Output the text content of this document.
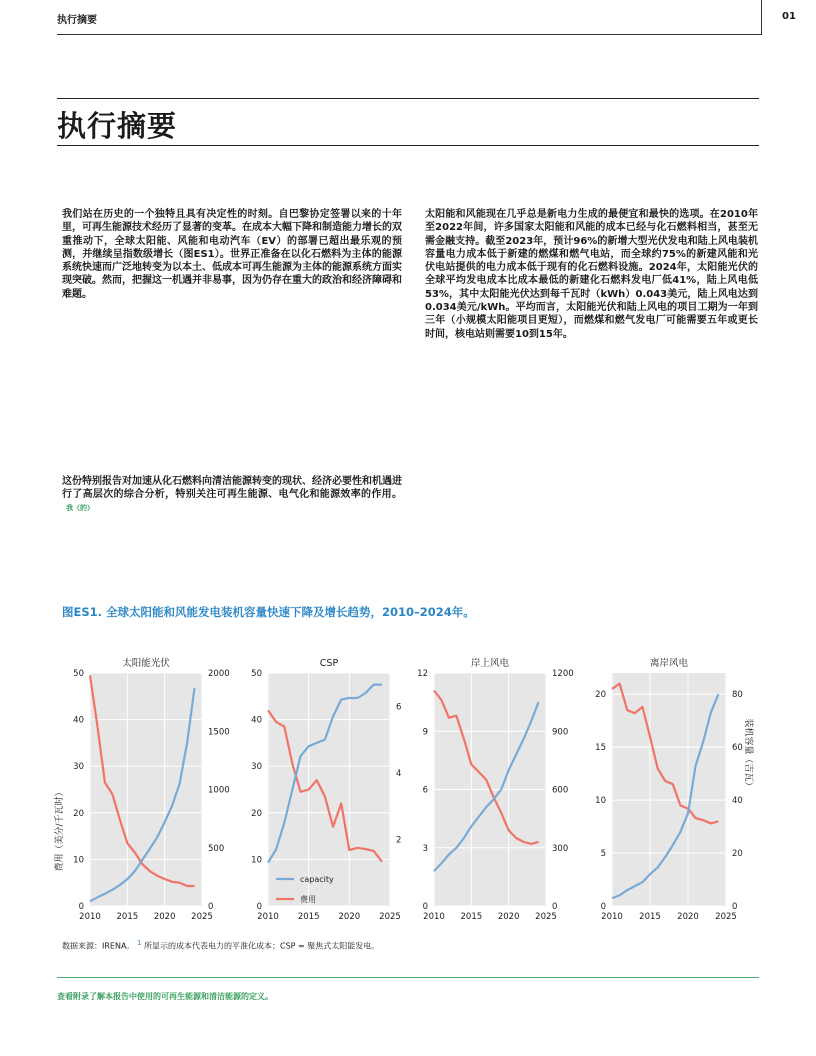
执行摘要	01
执行摘要
我们站在历史的一个独特且具有决定性的时刻。自巴黎协定签署以来的十年里，可再生能源技术经历了显著的变革。在成本大幅下降和制造能力增长的双重推动下，全球太阳能、风能和电动汽车（EV）的部署已超出最乐观的预测，并继续呈指数级增长（图ES1）。世界正准备在以化石燃料为主体的能源系统快速而广泛地转变为以本土、低成本可再生能源为主体的能源系统方面实现突破。然而，把握这一机遇并非易事，因为仍存在重大的政治和经济障碍和难题。
这份特别报告对加速从化石燃料向清洁能源转变的现状、经济必要性和机遇进行了高层次的综合分析，特别关注可再生能源、电气化和能源效率的作用。我（的）
太阳能和风能现在几乎总是新电力生成的最便宜和最快的选项。在2010年至2022年间，许多国家太阳能和风能的成本已经与化石燃料相当，甚至无需金融支持。截至2023年，预计96%的新增大型光伏发电和陆上风电装机容量电力成本低于新建的燃煤和燃气电站，而全球约75%的新建风能和光伏电站提供的电力成本低于现有的化石燃料设施。2024年，太阳能光伏的全球平均发电成本比成本最低的新建化石燃料发电厂低41%，陆上风电低53%，其中太阳能光伏达到每千瓦时（kWh）0.043美元，陆上风电达到0.034美元/kWh。平均而言，太阳能光伏和陆上风电的项目工期为一年到三年（小规模太阳能项目更短），而燃煤和燃气发电厂可能需要五年或更长时间，核电站则需要10到15年。
图ES1. 全球太阳能和风能发电装机容量快速下降及增长趋势，2010–2024年。
0
10
20
30
40
50
0
500
1000
1500
2000
2010 2015 2020 2025
太阳能光伏
费用（美分/千瓦时）
0
10
20
30
40
50
2
4
6
2010 2015 2020 2025
CSP
capacity
费用
0
3
6
9
12
0
300
600
900
1200
2010 2015 2020 2025
岸上风电
0
5
10
15
20
0
20
40
60
80
2010 2015 2020 2025
离岸风电
装机容量（吉瓦）
数据来源：IRENA。 $^1$ 所显示的成本代表电力的平准化成本；CSP = 聚焦式太阳能发电。
查看附录了解本报告中使用的可再生能源和清洁能源的定义。
